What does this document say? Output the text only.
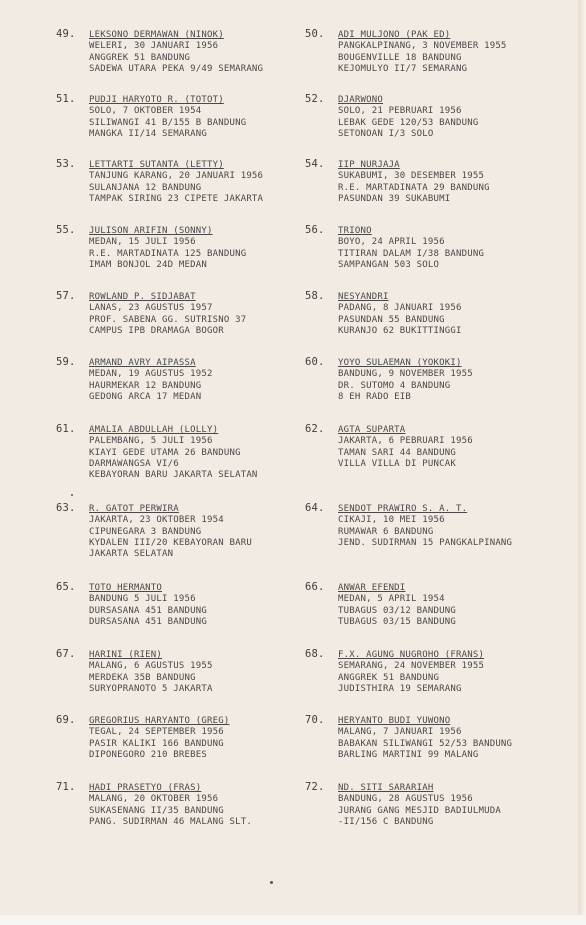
49. LEKSONO DERMAWAN (NINOK)
WELERI, 30 JANUARI 1956
ANGGREK 51 BANDUNG
SADEWA UTARA PEKA 9/49 SEMARANG
50. ADI MULJONO (PAK ED)
PANGKALPINANG, 3 NOVEMBER 1955
BOUGENVILLE 18 BANDUNG
KEJOMULYO II/7 SEMARANG
51. PUDJI HARYOTO R. (TOTOT)
SOLO, 7 OKTOBER 1954
SILIWANGI 41 B/155 B BANDUNG
MANGKA II/14 SEMARANG
52. DJARWONO
SOLO, 21 PEBRUARI 1956
LEBAK GEDE 120/53 BANDUNG
SETONOAN I/3 SOLO
53. LETTARTI SUTANTA (LETTY)
TANJUNG KARANG, 20 JANUARI 1956
SULANJANA 12 BANDUNG
TAMPAK SIRING 23 CIPETE JAKARTA
54. IIP NURJAJA
SUKABUMI, 30 DESEMBER 1955
R.E. MARTADINATA 29 BANDUNG
PASUNDAN 39 SUKABUMI
55. JULISON ARIFIN (SONNY)
MEDAN, 15 JULI 1956
R.E. MARTADINATA 125 BANDUNG
IMAM BONJOL 24D MEDAN
56. TRIONO
BOYO, 24 APRIL 1956
TITIRAN DALAM I/38 BANDUNG
SAMPANGAN 503 SOLO
57. ROWLAND P. SIDJABAT
LANAS, 23 AGUSTUS 1957
PROF. SABENA GG. SUTRISNO 37
CAMPUS IPB DRAMAGA BOGOR
58. NESYANDRI
PADANG, 8 JANUARI 1956
PASUNDAN 55 BANDUNG
KURANJO 62 BUKITTINGGI
59. ARMAND AVRY AIPASSA
MEDAN, 19 AGUSTUS 1952
HAURMEKAR 12 BANDUNG
GEDONG ARCA 17 MEDAN
60. YOYO SULAEMAN (YOKOKI)
BANDUNG, 9 NOVEMBER 1955
DR. SUTOMO 4 BANDUNG
8 EH RADO EIB
61. AMALIA ABDULLAH (LOLLY)
PALEMBANG, 5 JULI 1956
KIAYI GEDE UTAMA 26 BANDUNG
DARMAWANGSA VI/6
KEBAYORAN BARU JAKARTA SELATAN
62. AGTA SUPARTA
JAKARTA, 6 PEBRUARI 1956
TAMAN SARI 44 BANDUNG
VILLA VILLA DI PUNCAK
63. R. GATOT PERWIRA
JAKARTA, 23 OKTOBER 1954
CIPUNEGARA 3 BANDUNG
KYDALEN III/20 KEBAYORAN BARU
JAKARTA SELATAN
64. SENDOT PRAWIRO S. A. T.
CIKAJI, 10 MEI 1956
RUMAWAR 6 BANDUNG
JEND. SUDIRMAN 15 PANGKALPINANG
65. TOTO HERMANTO
BANDUNG 5 JULI 1956
DURSASANA 451 BANDUNG
DURSASANA 451 BANDUNG
66. ANWAR EFENDI
MEDAN, 5 APRIL 1954
TUBAGUS 03/12 BANDUNG
TUBAGUS 03/15 BANDUNG
67. HARINI (RIEN)
MALANG, 6 AGUSTUS 1955
MERDEKA 35B BANDUNG
SURYOPRANOTO 5 JAKARTA
68. F.X. AGUNG NUGROHO (FRANS)
SEMARANG, 24 NOVEMBER 1955
ANGGREK 51 BANDUNG
JUDISTHIRA 19 SEMARANG
69. GREGORIUS HARYANTO (GREG)
TEGAL, 24 SEPTEMBER 1956
PASIR KALIKI 166 BANDUNG
DIPONEGORO 210 BREBES
70. HERYANTO BUDI YUWONO
MALANG, 7 JANUARI 1956
BABAKAN SILIWANGI 52/53 BANDUNG
BARLING MARTINI 99 MALANG
71. HADI PRASETYO (FRAS)
MALANG, 20 OKTOBER 1956
SUKASENANG II/35 BANDUNG
PANG. SUDIRMAN 46 MALANG SLT.
72. ND. SITI SARARIAH
BANDUNG, 28 AGUSTUS 1956
JURANG GANG MESJID BADIULMUDA
-II/156 C BANDUNG
